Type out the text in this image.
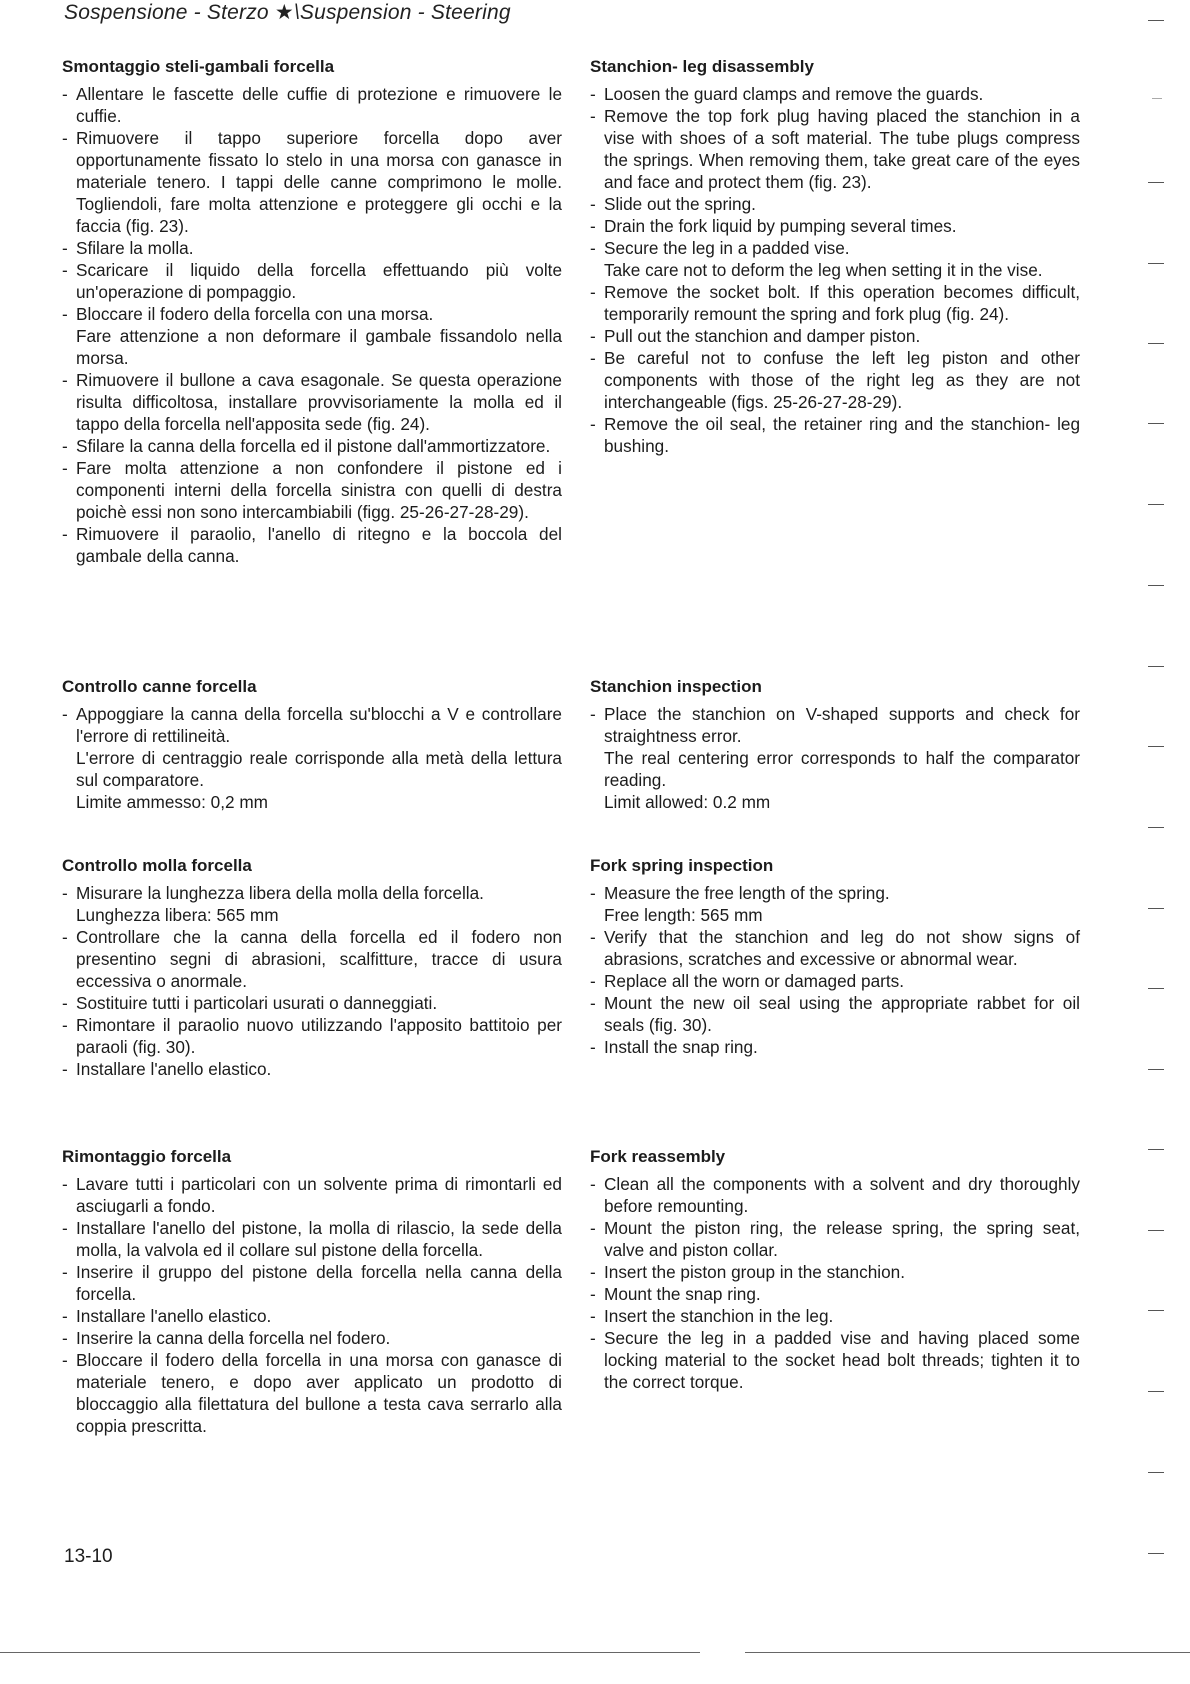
Sospensione - Sterzo ★\Suspension - Steering
Smontaggio steli-gambali forcella
- Allentare le fascette delle cuffie di protezione e rimuovere le cuffie.
- Rimuovere il tappo superiore forcella dopo aver opportunamente fissato lo stelo in una morsa con ganasce in materiale tenero. I tappi delle canne comprimono le molle. Togliendoli, fare molta attenzione e proteggere gli occhi e la faccia (fig. 23).
- Sfilare la molla.
- Scaricare il liquido della forcella effettuando più volte un'operazione di pompaggio.
- Bloccare il fodero della forcella con una morsa.
Fare attenzione a non deformare il gambale fissandolo nella morsa.
- Rimuovere il bullone a cava esagonale. Se questa operazione risulta difficoltosa, installare provvisoriamente la molla ed il tappo della forcella nell'apposita sede (fig. 24).
- Sfilare la canna della forcella ed il pistone dall'ammortizzatore.
- Fare molta attenzione a non confondere il pistone ed i componenti interni della forcella sinistra con quelli di destra poichè essi non sono intercambiabili (figg. 25-26-27-28-29).
- Rimuovere il paraolio, l'anello di ritegno e la boccola del gambale della canna.
Controllo canne forcella
- Appoggiare la canna della forcella su'blocchi a V e controllare l'errore di rettilineità.
L'errore di centraggio reale corrisponde alla metà della lettura sul comparatore.
Limite ammesso: 0,2 mm
Controllo molla forcella
- Misurare la lunghezza libera della molla della forcella.
Lunghezza libera: 565 mm
- Controllare che la canna della forcella ed il fodero non presentino segni di abrasioni, scalfitture, tracce di usura eccessiva o anormale.
- Sostituire tutti i particolari usurati o danneggiati.
- Rimontare il paraolio nuovo utilizzando l'apposito battitoio per paraoli (fig. 30).
- Installare l'anello elastico.
Rimontaggio forcella
- Lavare tutti i particolari con un solvente prima di rimontarli ed asciugarli a fondo.
- Installare l'anello del pistone, la molla di rilascio, la sede della molla, la valvola ed il collare sul pistone della forcella.
- Inserire il gruppo del pistone della forcella nella canna della forcella.
- Installare l'anello elastico.
- Inserire la canna della forcella nel fodero.
- Bloccare il fodero della forcella in una morsa con ganasce di materiale tenero, e dopo aver applicato un prodotto di bloccaggio alla filettatura del bullone a testa cava serrarlo alla coppia prescritta.
Stanchion- leg disassembly
- Loosen the guard clamps and remove the guards.
- Remove the top fork plug having placed the stanchion in a vise with shoes of a soft material. The tube plugs compress the springs. When removing them, take great care of the eyes and face and protect them (fig. 23).
- Slide out the spring.
- Drain the fork liquid by pumping several times.
- Secure the leg in a padded vise.
Take care not to deform the leg when setting it in the vise.
- Remove the socket bolt. If this operation becomes difficult, temporarily remount the spring and fork plug (fig. 24).
- Pull out the stanchion and damper piston.
- Be careful not to confuse the left leg piston and other components with those of the right leg as they are not interchangeable (figs. 25-26-27-28-29).
- Remove the oil seal, the retainer ring and the stanchion- leg bushing.
Stanchion inspection
- Place the stanchion on V-shaped supports and check for straightness error.
The real centering error corresponds to half the comparator reading.
Limit allowed: 0.2 mm
Fork spring inspection
- Measure the free length of the spring.
Free length: 565 mm
- Verify that the stanchion and leg do not show signs of abrasions, scratches and excessive or abnormal wear.
- Replace all the worn or damaged parts.
- Mount the new oil seal using the appropriate rabbet for oil seals (fig. 30).
- Install the snap ring.
Fork reassembly
- Clean all the components with a solvent and dry thoroughly before remounting.
- Mount the piston ring, the release spring, the spring seat, valve and piston collar.
- Insert the piston group in the stanchion.
- Mount the snap ring.
- Insert the stanchion in the leg.
- Secure the leg in a padded vise and having placed some locking material to the socket head bolt threads; tighten it to the correct torque.
13-10
